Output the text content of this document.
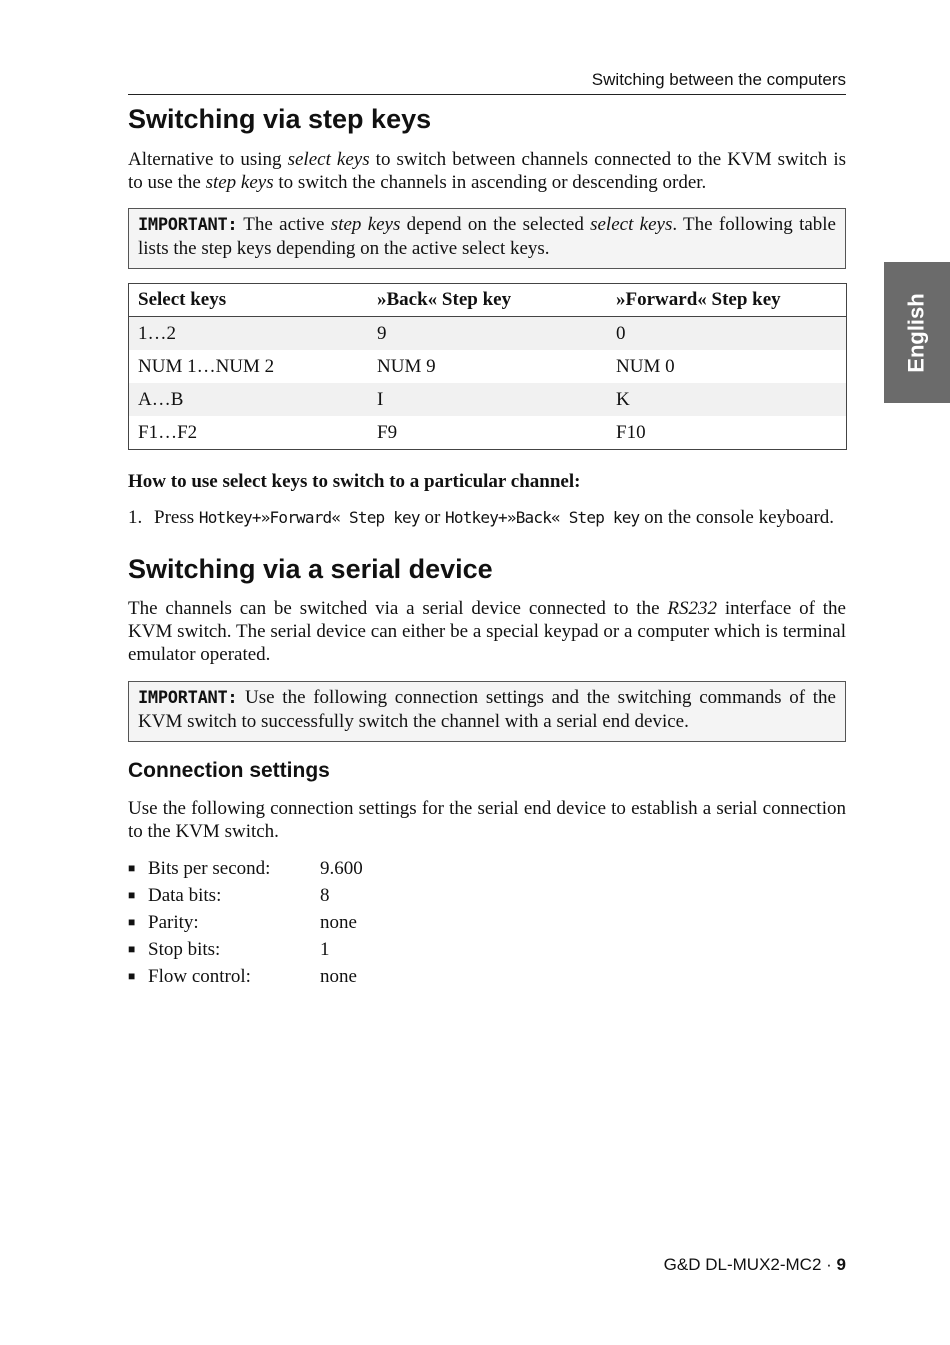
Switching between the computers
English
Switching via step keys

Alternative to using select keys to switch between channels connected to the KVM switch is to use the step keys to switch the channels in ascending or descending order.

IMPORTANT: The active step keys depend on the selected select keys. The following table lists the step keys depending on the active select keys.
Select keys	»Back« Step key	»Forward« Step key
1…2	9	0
NUM 1…NUM 2	NUM 9	NUM 0
A…B	I	K
F1…F2	F9	F10
How to use select keys to switch to a particular channel:
1. Press Hotkey+»Forward« Step key or Hotkey+»Back« Step key on the console keyboard.
Switching via a serial device

The channels can be switched via a serial device connected to the RS232 interface of the KVM switch. The serial device can either be a special keypad or a computer which is terminal emulator operated.

IMPORTANT: Use the following connection settings and the switching commands of the KVM switch to successfully switch the channel with a serial end device.
Connection settings

Use the following connection settings for the serial end device to establish a serial connection to the KVM switch.

■ Bits per second:	9.600
■ Data bits:	8
■ Parity:	none
■ Stop bits:	1
■ Flow control:	none
G&D DL-MUX2-MC2 · 9
